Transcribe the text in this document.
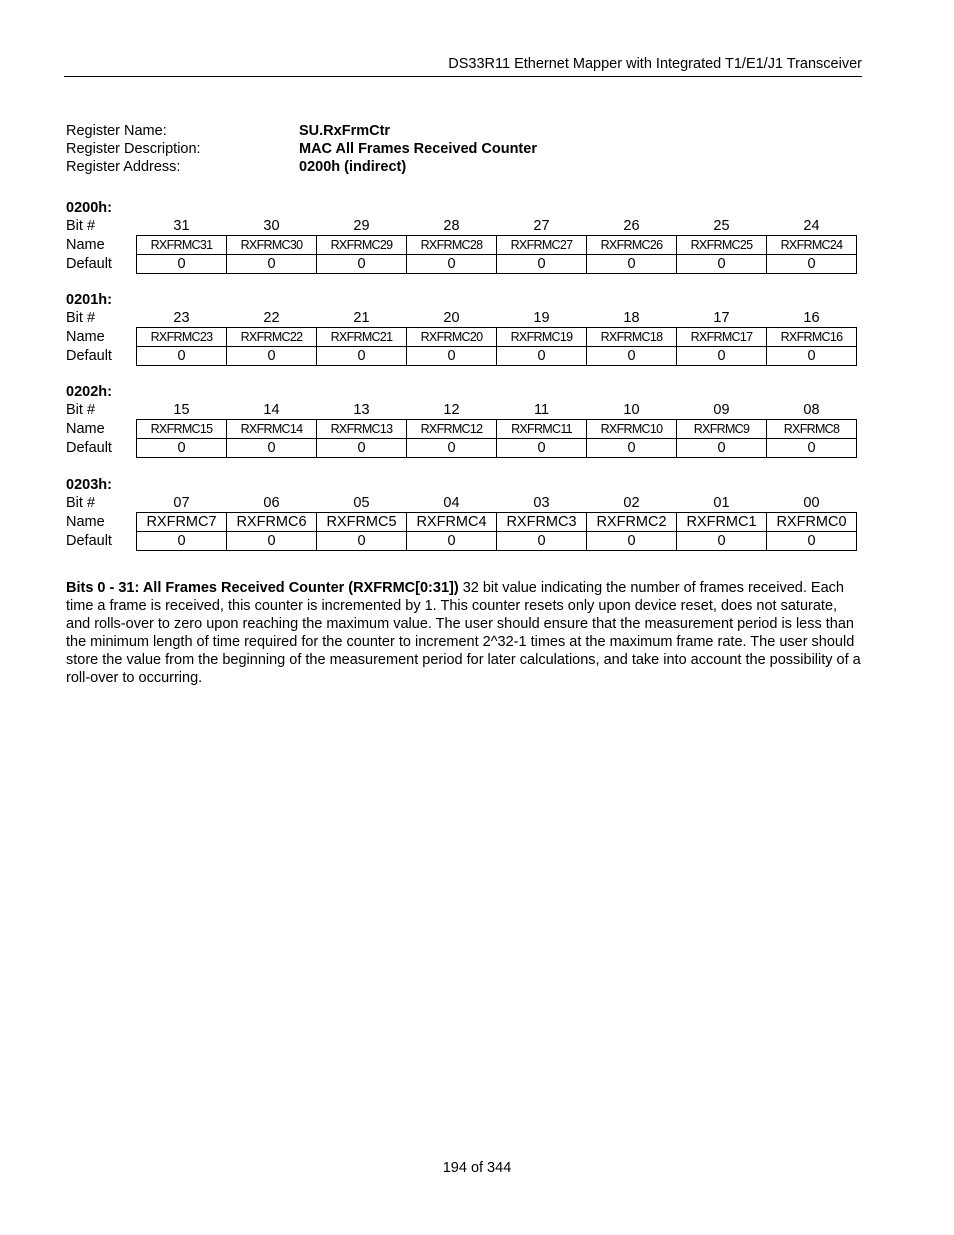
DS33R11 Ethernet Mapper with Integrated T1/E1/J1 Transceiver
Register Name:	SU.RxFrmCtr
Register Description:	MAC All Frames Received Counter
Register Address:	0200h (indirect)
0200h:
Bit #	31	30	29	28	27	26	25	24
Name	RXFRMC31	RXFRMC30	RXFRMC29	RXFRMC28	RXFRMC27	RXFRMC26	RXFRMC25	RXFRMC24
Default	0	0	0	0	0	0	0	0
0201h:
Bit #	23	22	21	20	19	18	17	16
Name	RXFRMC23	RXFRMC22	RXFRMC21	RXFRMC20	RXFRMC19	RXFRMC18	RXFRMC17	RXFRMC16
Default	0	0	0	0	0	0	0	0
0202h:
Bit #	15	14	13	12	11	10	09	08
Name	RXFRMC15	RXFRMC14	RXFRMC13	RXFRMC12	RXFRMC11	RXFRMC10	RXFRMC9	RXFRMC8
Default	0	0	0	0	0	0	0	0
0203h:
Bit #	07	06	05	04	03	02	01	00
Name	RXFRMC7	RXFRMC6	RXFRMC5	RXFRMC4	RXFRMC3	RXFRMC2	RXFRMC1	RXFRMC0
Default	0	0	0	0	0	0	0	0
Bits 0 - 31: All Frames Received Counter (RXFRMC[0:31]) 32 bit value indicating the number of frames received. Each time a frame is received, this counter is incremented by 1. This counter resets only upon device reset, does not saturate, and rolls-over to zero upon reaching the maximum value. The user should ensure that the measurement period is less than the minimum length of time required for the counter to increment 2^32-1 times at the maximum frame rate. The user should store the value from the beginning of the measurement period for later calculations, and take into account the possibility of a roll-over to occurring.
194 of 344
